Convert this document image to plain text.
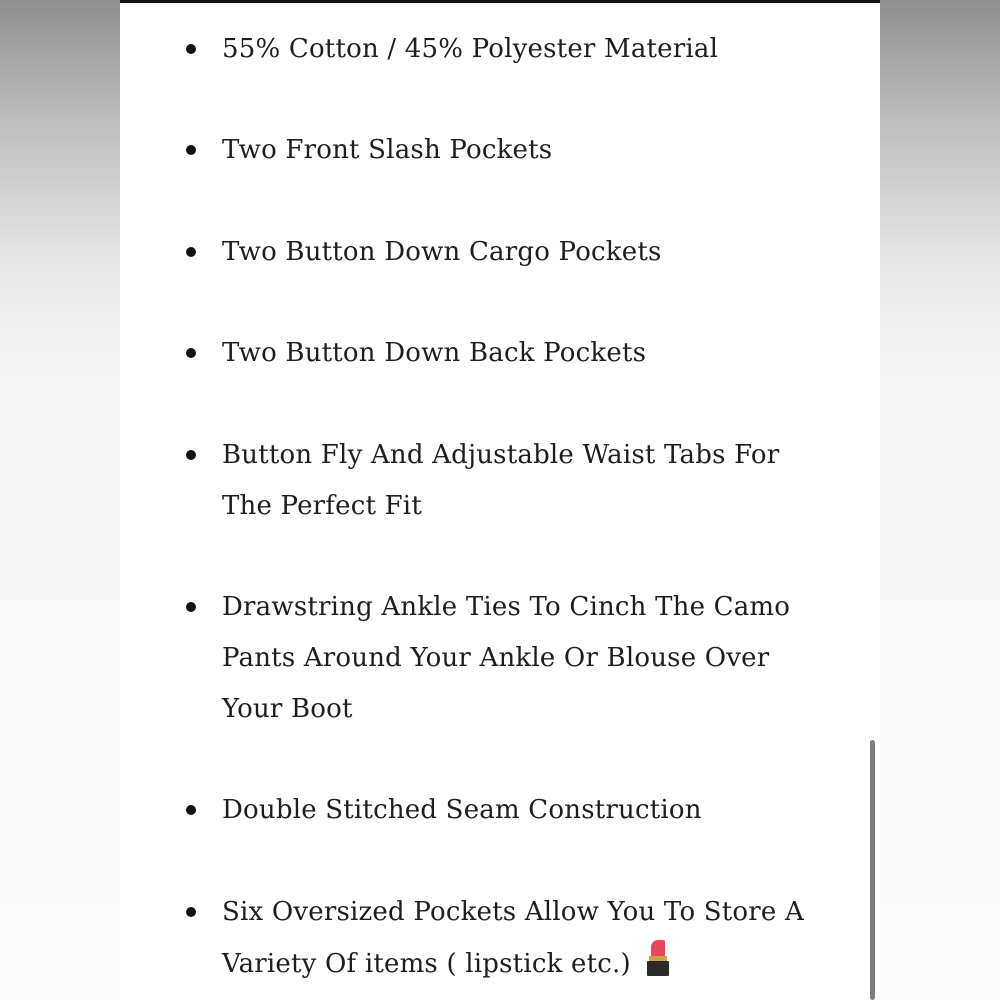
55% Cotton / 45% Polyester Material
Two Front Slash Pockets
Two Button Down Cargo Pockets
Two Button Down Back Pockets
Button Fly And Adjustable Waist Tabs For The Perfect Fit
Drawstring Ankle Ties To Cinch The Camo Pants Around Your Ankle Or Blouse Over Your Boot
Double Stitched Seam Construction
Six Oversized Pockets Allow You To Store A Variety Of items ( lipstick etc.)
